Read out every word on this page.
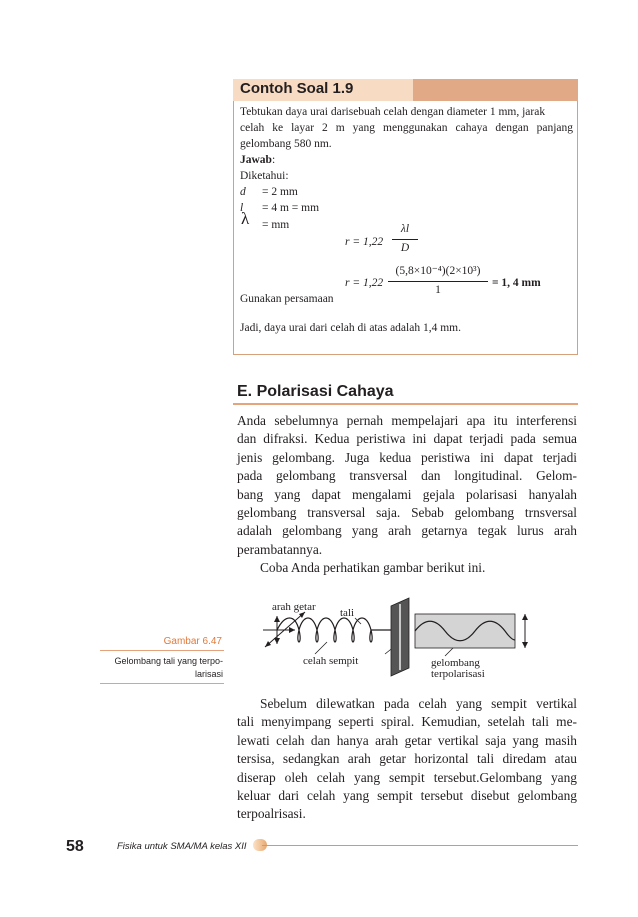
Contoh Soal 1.9
Tebtukan daya urai darisebuah celah dengan diameter 1 mm, jarak
celah ke layar 2 m yang menggunakan cahaya dengan panjang
gelombang 580 nm.
Jawab:
Diketahui:
d = 2 mm
l = 4 m = mm
λ = mm
r = 1,22
λl
D
r = 1,22
(5,8×10⁻⁴)(2×10³)
1
= 1, 4 mm
Gunakan persamaan
Jadi, daya urai dari celah di atas adalah 1,4 mm.
E. Polarisasi Cahaya
Anda sebelumnya pernah mempelajari apa itu interferensi
dan difraksi. Kedua peristiwa ini dapat terjadi pada semua
jenis gelombang. Juga kedua peristiwa ini dapat terjadi
pada gelombang transversal dan longitudinal. Gelom-
bang yang dapat mengalami gejala polarisasi hanyalah
gelombang transversal saja. Sebab gelombang trnsversal
adalah gelombang yang arah getarnya tegak lurus arah
perambatannya.
Coba Anda perhatikan gambar berikut ini.
arah getar tali
celah sempit	gelombang
terpolarisasi
Gambar 6.47
Gelombang tali yang terpo-
larisasi
Sebelum dilewatkan pada celah yang sempit vertikal
tali menyimpang seperti spiral. Kemudian, setelah tali me-
lewati celah dan hanya arah getar vertikal saja yang masih
tersisa, sedangkan arah getar horizontal tali diredam atau
diserap oleh celah yang sempit tersebut.Gelombang yang
keluar dari celah yang sempit tersebut disebut gelombang
terpoalrisasi.
58	Fisika untuk SMA/MA kelas XII
